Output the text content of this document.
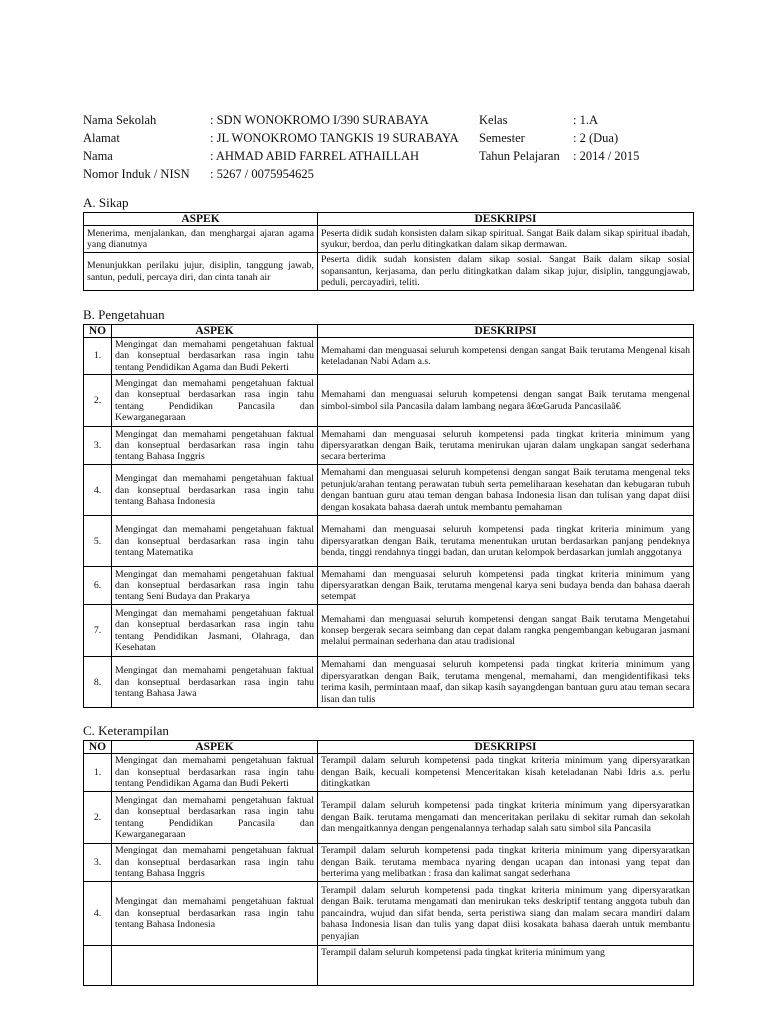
Nama Sekolah	: SDN WONOKROMO I/390 SURABAYA	Kelas	: 1.A
Alamat	: JL WONOKROMO TANGKIS 19 SURABAYA Semester	: 2 (Dua)
Nama	: AHMAD ABID FARREL ATHAILLAH	Tahun Pelajaran : 2014 / 2015
Nomor Induk / NISN : 5267 / 0075954625
A. Sikap
ASPEK	DESKRIPSI
Menerima, menjalankan, dan menghargai ajaran agama yang dianutnya	Peserta didik sudah konsisten dalam sikap spiritual. Sangat Baik dalam sikap spiritual ibadah, syukur, berdoa, dan perlu ditingkatkan dalam sikap dermawan.
Menunjukkan perilaku jujur, disiplin, tanggung jawab, santun, peduli, percaya diri, dan cinta tanah air	Peserta didik sudah konsisten dalam sikap sosial. Sangat Baik dalam sikap sosial sopansantun, kerjasama, dan perlu ditingkatkan dalam sikap jujur, disiplin, tanggungjawab, peduli, percayadiri, teliti.
B. Pengetahuan
NO	ASPEK	DESKRIPSI
1.	Mengingat dan memahami pengetahuan faktual dan konseptual berdasarkan rasa ingin tahu tentang Pendidikan Agama dan Budi Pekerti	Memahami dan menguasai seluruh kompetensi dengan sangat Baik terutama Mengenal kisah keteladanan Nabi Adam a.s.
2.	Mengingat dan memahami pengetahuan faktual dan konseptual berdasarkan rasa ingin tahu tentang Pendidikan Pancasila dan Kewarganegaraan	Memahami dan menguasai seluruh kompetensi dengan sangat Baik terutama mengenal simbol-simbol sila Pancasila dalam lambang negara â€œGaruda Pancasilaâ€
3.	Mengingat dan memahami pengetahuan faktual dan konseptual berdasarkan rasa ingin tahu tentang Bahasa Inggris	Memahami dan menguasai seluruh kompetensi pada tingkat kriteria minimum yang dipersyaratkan dengan Baik, terutama menirukan ujaran dalam ungkapan sangat sederhana secara berterima
4.	Mengingat dan memahami pengetahuan faktual dan konseptual berdasarkan rasa ingin tahu tentang Bahasa Indonesia	Memahami dan menguasai seluruh kompetensi dengan sangat Baik terutama mengenal teks petunjuk/arahan tentang perawatan tubuh serta pemeliharaan kesehatan dan kebugaran tubuh dengan bantuan guru atau teman dengan bahasa Indonesia lisan dan tulisan yang dapat diisi dengan kosakata bahasa daerah untuk membantu pemahaman
5.	Mengingat dan memahami pengetahuan faktual dan konseptual berdasarkan rasa ingin tahu tentang Matematika	Memahami dan menguasai seluruh kompetensi pada tingkat kriteria minimum yang dipersyaratkan dengan Baik, terutama menentukan urutan berdasarkan panjang pendeknya benda, tinggi rendahnya tinggi badan, dan urutan kelompok berdasarkan jumlah anggotanya
6.	Mengingat dan memahami pengetahuan faktual dan konseptual berdasarkan rasa ingin tahu tentang Seni Budaya dan Prakarya	Memahami dan menguasai seluruh kompetensi pada tingkat kriteria minimum yang dipersyaratkan dengan Baik, terutama mengenal karya seni budaya benda dan bahasa daerah setempat
7.	Mengingat dan memahami pengetahuan faktual dan konseptual berdasarkan rasa ingin tahu tentang Pendidikan Jasmani, Olahraga, dan Kesehatan	Memahami dan menguasai seluruh kompetensi dengan sangat Baik terutama Mengetahui konsep bergerak secara seimbang dan cepat dalam rangka pengembangan kebugaran jasmani melalui permainan sederhana dan atau tradisional
8.	Mengingat dan memahami pengetahuan faktual dan konseptual berdasarkan rasa ingin tahu tentang Bahasa Jawa	Memahami dan menguasai seluruh kompetensi pada tingkat kriteria minimum yang dipersyaratkan dengan Baik, terutama mengenal, memahami, dan mengidentifikasi teks terima kasih, permintaan maaf, dan sikap kasih sayangdengan bantuan guru atau teman secara lisan dan tulis
C. Keterampilan
NO	ASPEK	DESKRIPSI
1.	Mengingat dan memahami pengetahuan faktual dan konseptual berdasarkan rasa ingin tahu tentang Pendidikan Agama dan Budi Pekerti	Terampil dalam seluruh kompetensi pada tingkat kriteria minimum yang dipersyaratkan dengan Baik, kecuali kompetensi Menceritakan kisah keteladanan Nabi Idris a.s. perlu ditingkatkan
2.	Mengingat dan memahami pengetahuan faktual dan konseptual berdasarkan rasa ingin tahu tentang Pendidikan Pancasila dan Kewarganegaraan	Terampil dalam seluruh kompetensi pada tingkat kriteria minimum yang dipersyaratkan dengan Baik. terutama mengamati dan menceritakan perilaku di sekitar rumah dan sekolah dan mengaitkannya dengan pengenalannya terhadap salah satu simbol sila Pancasila
3.	Mengingat dan memahami pengetahuan faktual dan konseptual berdasarkan rasa ingin tahu tentang Bahasa Inggris	Terampil dalam seluruh kompetensi pada tingkat kriteria minimum yang dipersyaratkan dengan Baik. terutama membaca nyaring dengan ucapan dan intonasi yang tepat dan berterima yang melibatkan : frasa dan kalimat sangat sederhana
4.	Mengingat dan memahami pengetahuan faktual dan konseptual berdasarkan rasa ingin tahu tentang Bahasa Indonesia	Terampil dalam seluruh kompetensi pada tingkat kriteria minimum yang dipersyaratkan dengan Baik. terutama mengamati dan menirukan teks deskriptif tentang anggota tubuh dan pancaindra, wujud dan sifat benda, serta peristiwa siang dan malam secara mandiri dalam bahasa Indonesia lisan dan tulis yang dapat diisi kosakata bahasa daerah untuk membantu penyajian
		Terampil dalam seluruh kompetensi pada tingkat kriteria minimum yang
